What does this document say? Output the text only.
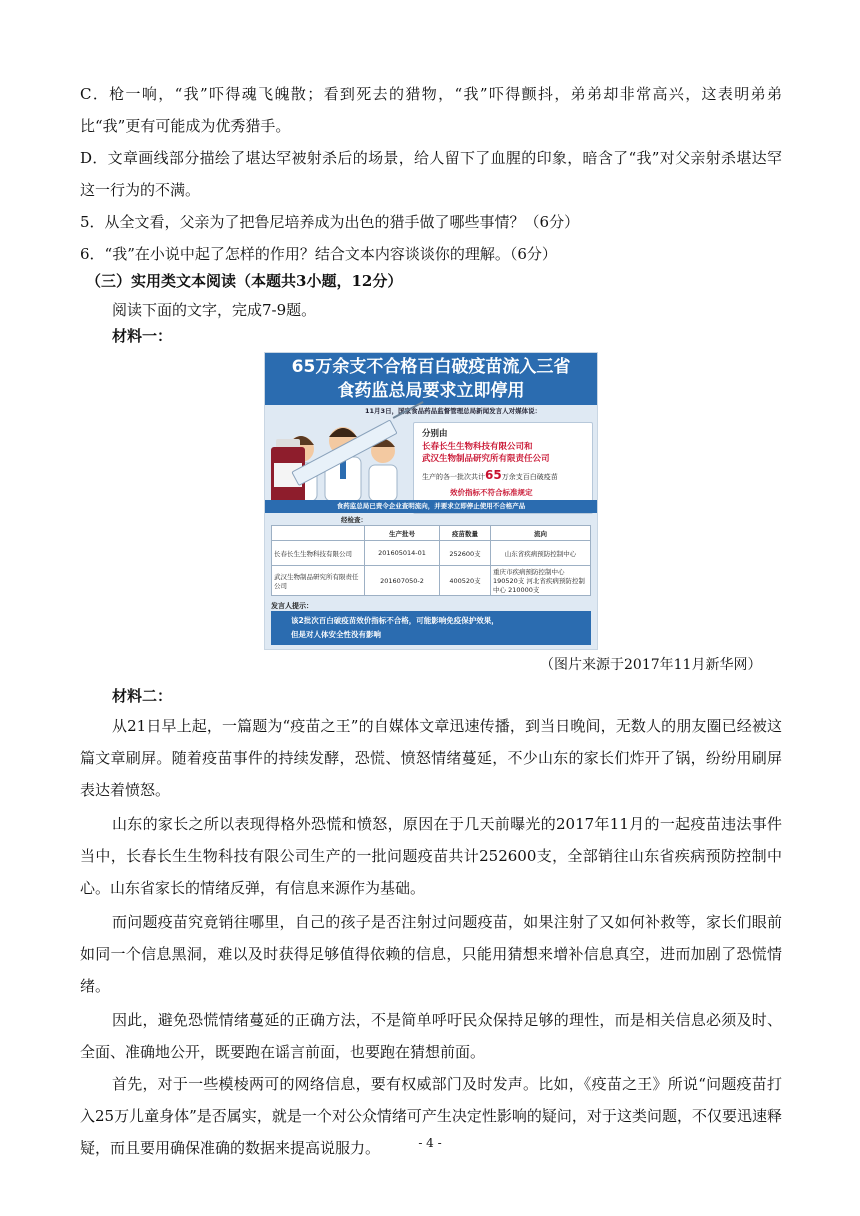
C．枪一响，“我”吓得魂飞魄散；看到死去的猎物，“我”吓得颤抖，弟弟却非常高兴，这表明弟弟比“我”更有可能成为优秀猎手。

D．文章画线部分描绘了堪达罕被射杀后的场景，给人留下了血腥的印象，暗含了“我”对父亲射杀堪达罕这一行为的不满。

5．从全文看，父亲为了把鲁尼培养成为出色的猎手做了哪些事情？（6分）

6．“我”在小说中起了怎样的作用？结合文本内容谈谈你的理解。（6分）

（三）实用类文本阅读（本题共3小题，12分）

阅读下面的文字，完成7-9题。

材料一：

65万余支不合格百白破疫苗流入三省
食药监总局要求立即停用
11月3日，国家食品药品监督管理总局新闻发言人对媒体说：
分别由
长春长生生物科技有限公司和
武汉生物制品研究所有限责任公司
生产的各一批次共计65万余支百白破疫苗
效价指标不符合标准规定
食药监总局已责令企业查明流向，并要求立即停止使用不合格产品
经检查：
	生产批号	疫苗数量	流向
长春长生生物科技有限公司	201605014-01	252600支	山东省疾病预防控制中心
武汉生物制品研究所有限责任公司	201607050-2	400520支	重庆市疾病预防控制中心 190520支 河北省疾病预防控制中心 210000支
发言人提示：
该2批次百白破疫苗效价指标不合格，可能影响免疫保护效果，
但是对人体安全性没有影响
（图片来源于2017年11月新华网）

材料二：

从21日早上起，一篇题为“疫苗之王”的自媒体文章迅速传播，到当日晚间，无数人的朋友圈已经被这篇文章刷屏。随着疫苗事件的持续发酵，恐慌、愤怒情绪蔓延，不少山东的家长们炸开了锅，纷纷用刷屏表达着愤怒。

山东的家长之所以表现得格外恐慌和愤怒，原因在于几天前曝光的2017年11月的一起疫苗违法事件当中，长春长生生物科技有限公司生产的一批问题疫苗共计252600支，全部销往山东省疾病预防控制中心。山东省家长的情绪反弹，有信息来源作为基础。

而问题疫苗究竟销往哪里，自己的孩子是否注射过问题疫苗，如果注射了又如何补救等，家长们眼前如同一个信息黑洞，难以及时获得足够值得依赖的信息，只能用猜想来增补信息真空，进而加剧了恐慌情绪。

因此，避免恐慌情绪蔓延的正确方法，不是简单呼吁民众保持足够的理性，而是相关信息必须及时、全面、准确地公开，既要跑在谣言前面，也要跑在猜想前面。

首先，对于一些模棱两可的网络信息，要有权威部门及时发声。比如，《疫苗之王》所说“问题疫苗打入25万儿童身体”是否属实，就是一个对公众情绪可产生决定性影响的疑问，对于这类问题，不仅要迅速释疑，而且要用确保准确的数据来提高说服力。	- 4 -
